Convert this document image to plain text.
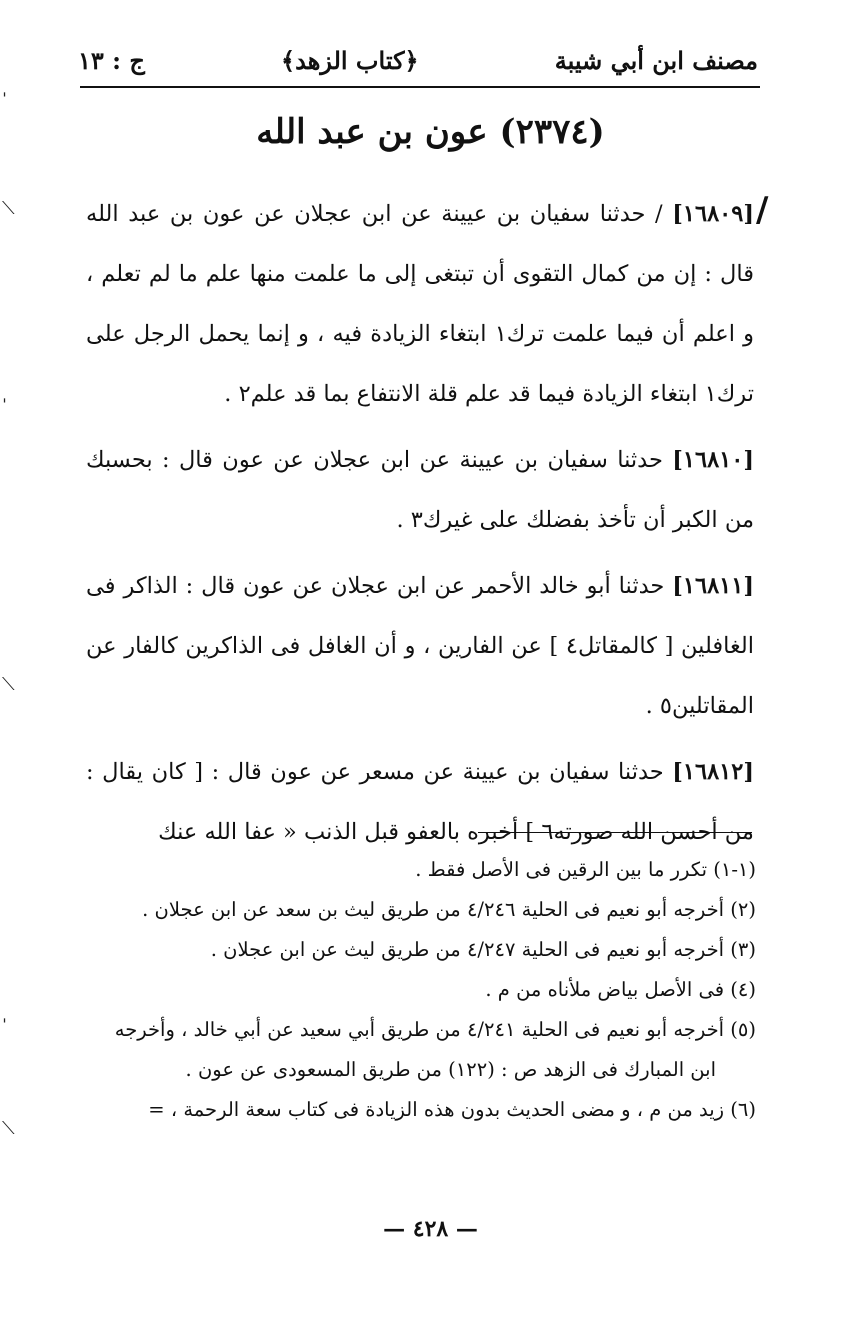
ˈ
⟋
ˈ
⟋
ˈ
⟋
مصنف ابن أبي شيبة
﴿كتاب الزهد﴾
ج : ١٣
(٢٣٧٤) عون بن عبد الله
/

[١٦٨٠٩] / حدثنا سفيان بن عيينة عن ابن عجلان عن عون بن عبد الله قال : إن من كمال التقوى أن تبتغى إلى ما علمت منها علم ما لم تعلم ، و اعلم أن فيما علمت ترك١ ابتغاء الزيادة فيه ، و إنما يحمل الرجل على ترك١ ابتغاء الزيادة فيما قد علم قلة الانتفاع بما قد علم٢ .

[١٦٨١٠] حدثنا سفيان بن عيينة عن ابن عجلان عن عون قال : بحسبك من الكبر أن تأخذ بفضلك على غيرك٣ .

[١٦٨١١] حدثنا أبو خالد الأحمر عن ابن عجلان عن عون قال : الذاكر فى الغافلين [ كالمقاتل٤ ] عن الفارين ، و أن الغافل فى الذاكرين كالفار عن المقاتلين٥ .

[١٦٨١٢] حدثنا سفيان بن عيينة عن مسعر عن عون قال : [ كان يقال : من أحسن الله صورته٦ ] أخبره بالعفو قبل الذنب « عفا الله عنك

(١-١) تكرر ما بين الرقين فى الأصل فقط .

(٢) أخرجه أبو نعيم فى الحلية ٤/٢٤٦ من طريق ليث بن سعد عن ابن عجلان .

(٣) أخرجه أبو نعيم فى الحلية ٤/٢٤٧ من طريق ليث عن ابن عجلان .

(٤) فى الأصل بياض ملأناه من م .

(٥) أخرجه أبو نعيم فى الحلية ٤/٢٤١ من طريق أبي سعيد عن أبي خالد ، وأخرجه

ابن المبارك فى الزهد ص : (١٢٢) من طريق المسعودى عن عون .

(٦) زيد من م ، و مضى الحديث بدون هذه الزيادة فى كتاب سعة الرحمة ، =

— ٤٢٨ —
